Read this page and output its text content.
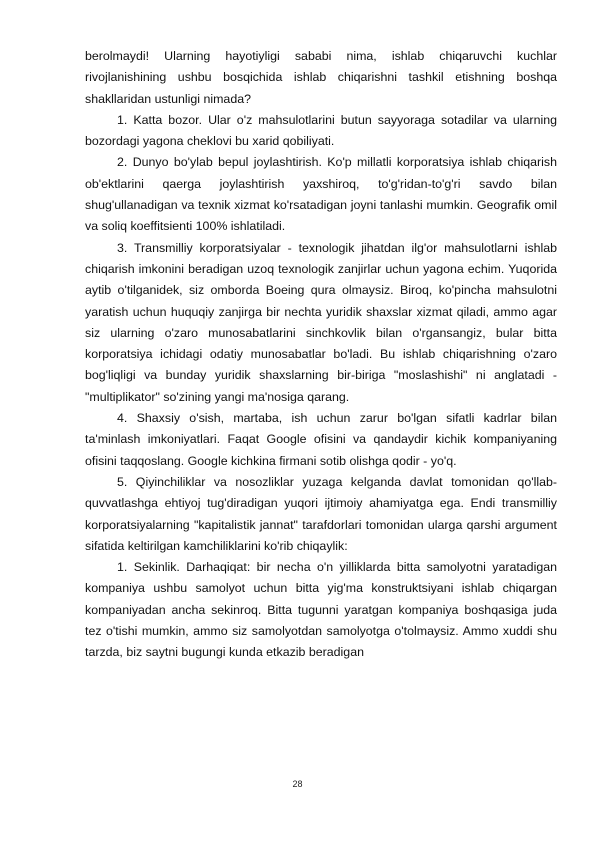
berolmaydi! Ularning hayotiyligi sababi nima, ishlab chiqaruvchi kuchlar rivojlanishining ushbu bosqichida ishlab chiqarishni tashkil etishning boshqa shakllaridan ustunligi nimada?

1. Katta bozor. Ular o'z mahsulotlarini butun sayyoraga sotadilar va ularning bozordagi yagona cheklovi bu xarid qobiliyati.

2. Dunyo bo'ylab bepul joylashtirish. Ko'p millatli korporatsiya ishlab chiqarish ob'ektlarini qaerga joylashtirish yaxshiroq, to'g'ridan-to'g'ri savdo bilan shug'ullanadigan va texnik xizmat ko'rsatadigan joyni tanlashi mumkin. Geografik omil va soliq koeffitsienti 100% ishlatiladi.

3. Transmilliy korporatsiyalar - texnologik jihatdan ilg'or mahsulotlarni ishlab chiqarish imkonini beradigan uzoq texnologik zanjirlar uchun yagona echim. Yuqorida aytib o'tilganidek, siz omborda Boeing qura olmaysiz. Biroq, ko'pincha mahsulotni yaratish uchun huquqiy zanjirga bir nechta yuridik shaxslar xizmat qiladi, ammo agar siz ularning o'zaro munosabatlarini sinchkovlik bilan o'rgansangiz, bular bitta korporatsiya ichidagi odatiy munosabatlar bo'ladi. Bu ishlab chiqarishning o'zaro bog'liqligi va bunday yuridik shaxslarning bir-biriga "moslashishi" ni anglatadi - "multiplikator" so'zining yangi ma'nosiga qarang.

4. Shaxsiy o'sish, martaba, ish uchun zarur bo'lgan sifatli kadrlar bilan ta'minlash imkoniyatlari. Faqat Google ofisini va qandaydir kichik kompaniyaning ofisini taqqoslang. Google kichkina firmani sotib olishga qodir - yo'q.

5. Qiyinchiliklar va nosozliklar yuzaga kelganda davlat tomonidan qo'llab-quvvatlashga ehtiyoj tug'diradigan yuqori ijtimoiy ahamiyatga ega. Endi transmilliy korporatsiyalarning "kapitalistik jannat" tarafdorlari tomonidan ularga qarshi argument sifatida keltirilgan kamchiliklarini ko'rib chiqaylik:

1. Sekinlik. Darhaqiqat: bir necha o'n yilliklarda bitta samolyotni yaratadigan kompaniya ushbu samolyot uchun bitta yig'ma konstruktsiyani ishlab chiqargan kompaniyadan ancha sekinroq. Bitta tugunni yaratgan kompaniya boshqasiga juda tez o'tishi mumkin, ammo siz samolyotdan samolyotga o'tolmaysiz. Ammo xuddi shu tarzda, biz saytni bugungi kunda etkazib beradigan

28
